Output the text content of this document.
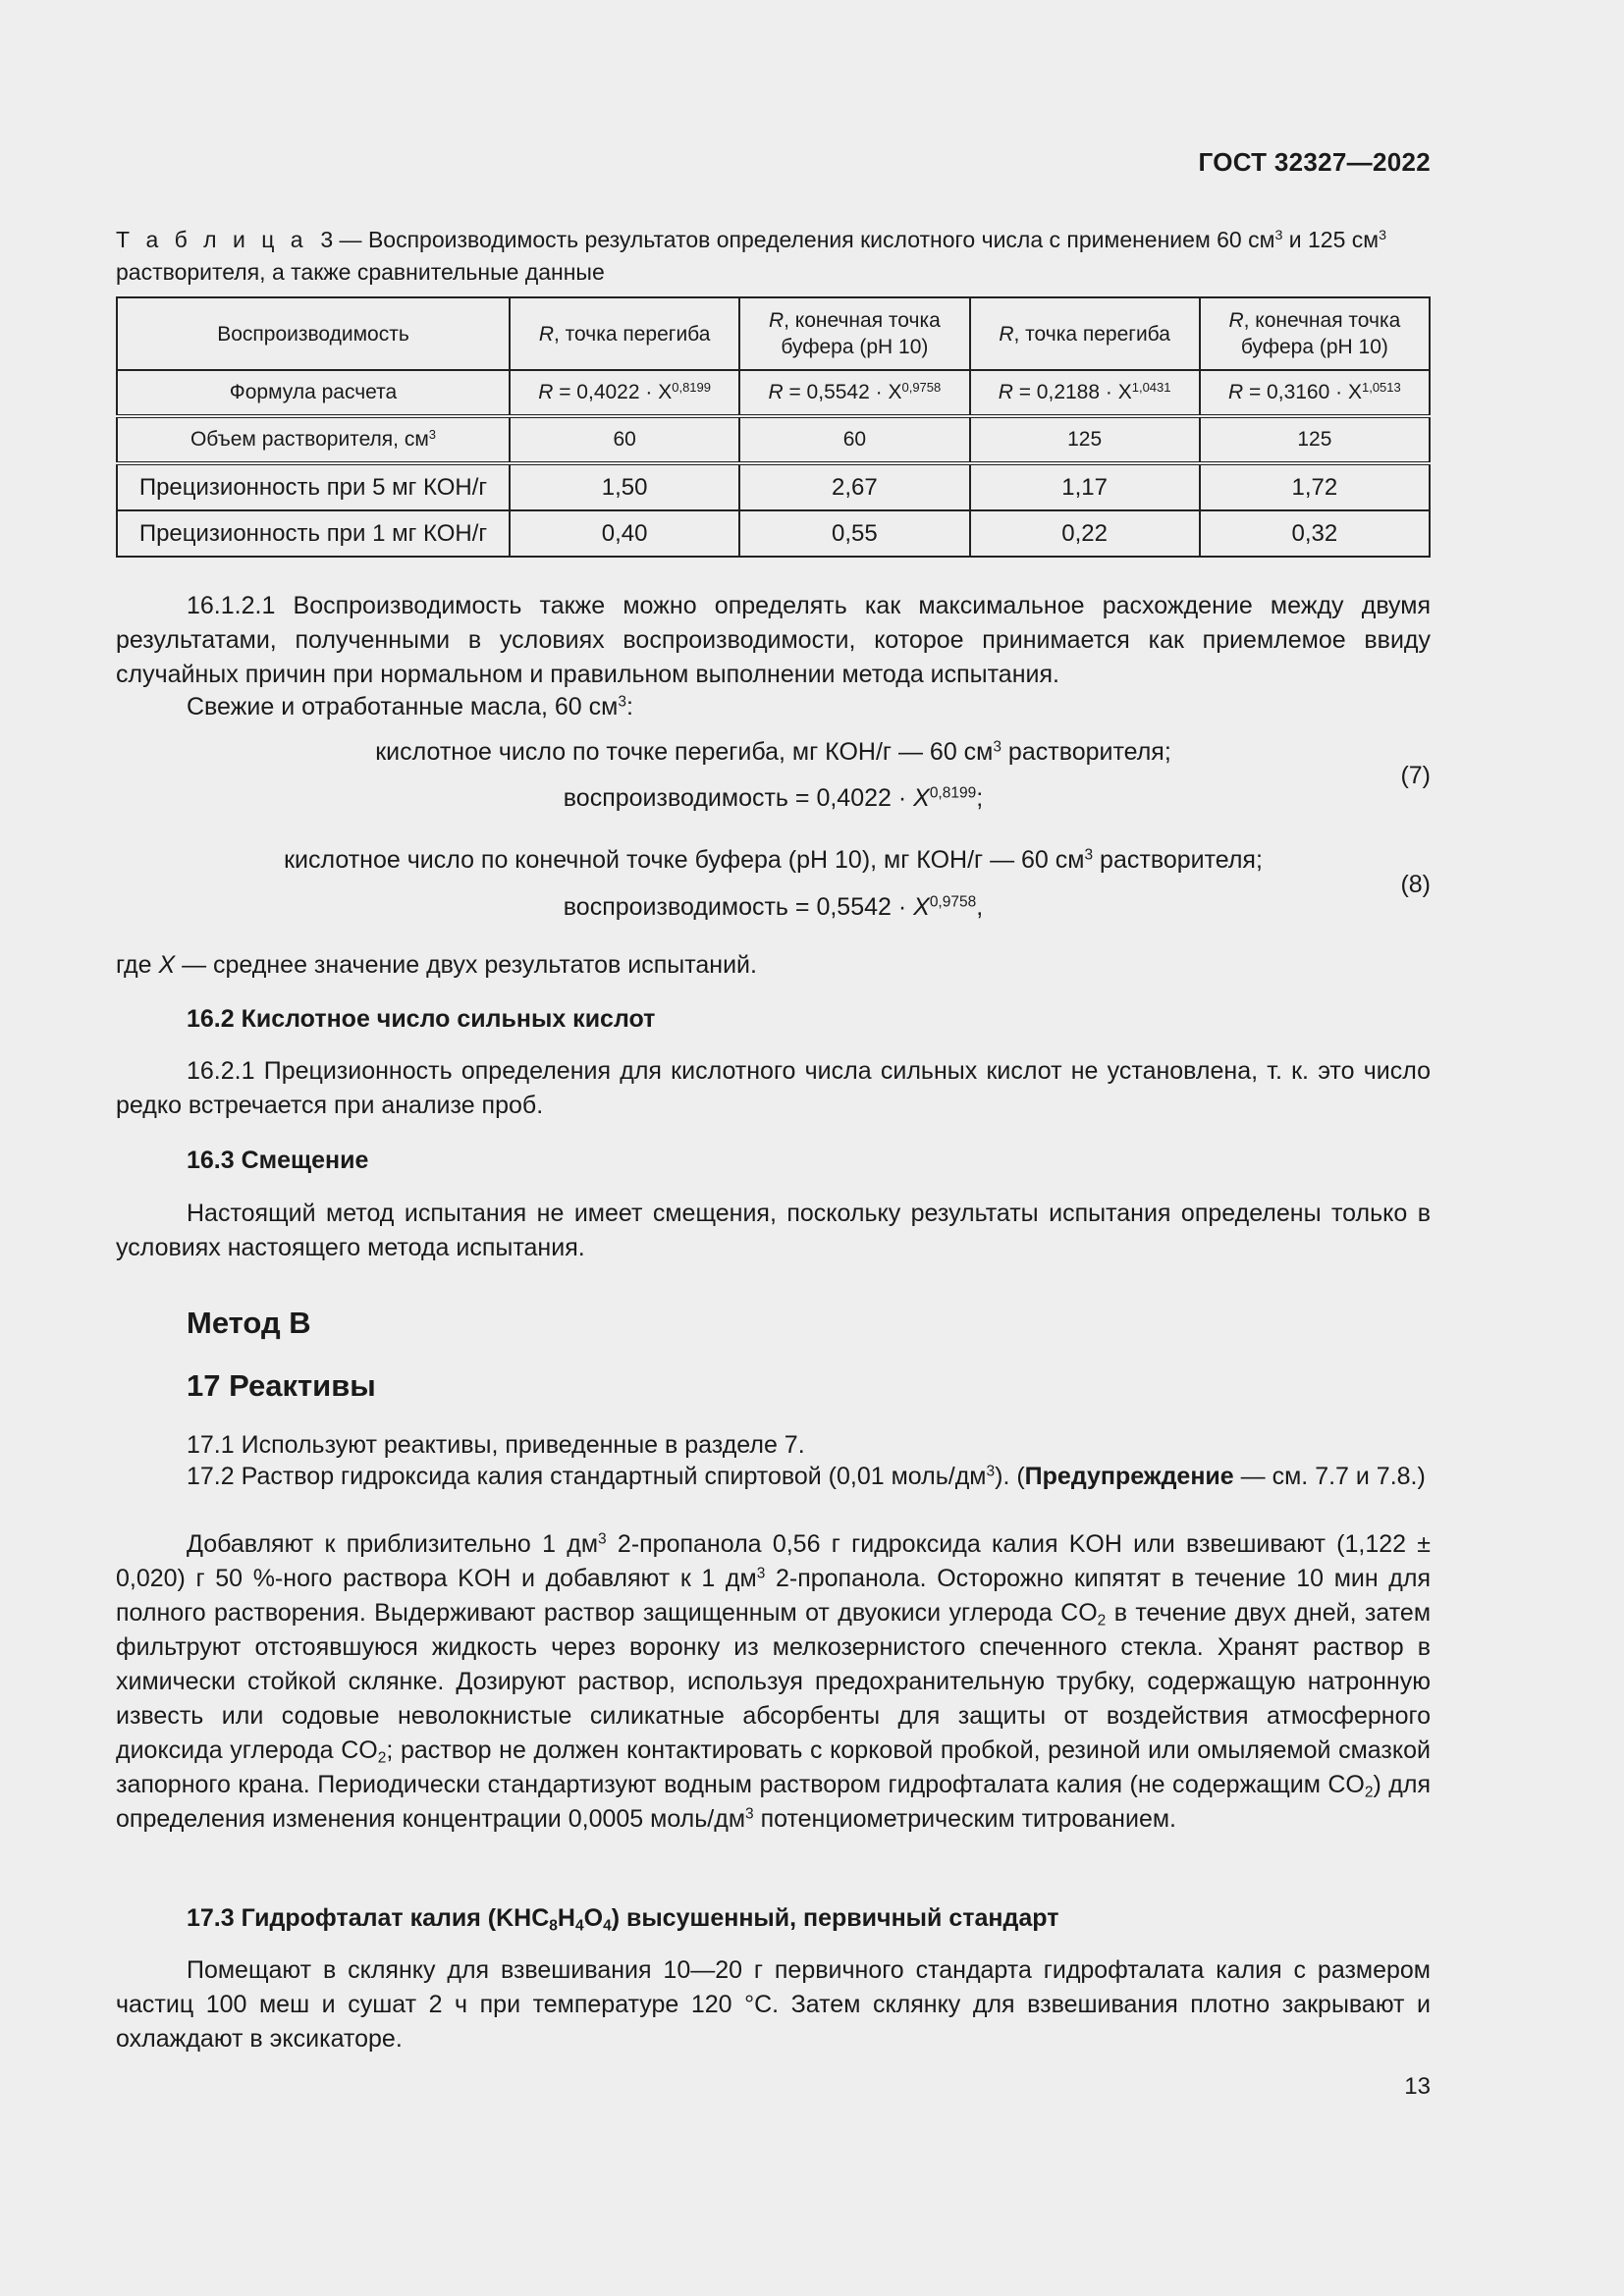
ГОСТ 32327—2022
Т а б л и ц а 3 — Воспроизводимость результатов определения кислотного числа с применением 60 $см^3$ и 125 $см^3$
растворителя, а также сравнительные данные
Воспроизводимость	R, точка перегиба	R, конечная точка буфера (pH 10)	R, точка перегиба	R, конечная точка буфера (pH 10)
Формула расчета	$R = 0,4022 \cdot X^{0,8199}$	$R = 0,5542 \cdot X^{0,9758}$	$R = 0,2188 \cdot X^{1,0431}$	$R = 0,3160 \cdot X^{1,0513}$
Объем растворителя, $см^3$	60	60	125	125
Прецизионность при 5 мг КОН/г	1,50	2,67	1,17	1,72
Прецизионность при 1 мг КОН/г	0,40	0,55	0,22	0,32
16.1.2.1 Воспроизводимость также можно определять как максимальное расхождение между двумя результатами, полученными в условиях воспроизводимости, которое принимается как приемлемое ввиду случайных причин при нормальном и правильном выполнении метода испытания.
Свежие и отработанные масла, 60 $см^3$:
кислотное число по точке перегиба, мг КОН/г — 60 $см^3$ растворителя;
воспроизводимость = $0,4022 \cdot X^{0,8199}$;
(7)
кислотное число по конечной точке буфера (pH 10), мг КОН/г — 60 $см^3$ растворителя;
воспроизводимость = $0,5542 \cdot X^{0,9758}$,
(8)
где X — среднее значение двух результатов испытаний.
16.2 Кислотное число сильных кислот
16.2.1 Прецизионность определения для кислотного числа сильных кислот не установлена, т. к. это число редко встречается при анализе проб.
16.3 Смещение
Настоящий метод испытания не имеет смещения, поскольку результаты испытания определены только в условиях настоящего метода испытания.
Метод В
17 Реактивы
17.1 Используют реактивы, приведенные в разделе 7.
17.2 Раствор гидроксида калия стандартный спиртовой (0,01 моль/$дм^3$). (Предупреждение — см. 7.7 и 7.8.)
Добавляют к приблизительно 1 $дм^3$ 2-пропанола 0,56 г гидроксида калия KOH или взвешивают (1,122 ± 0,020) г 50 %-ного раствора KOH и добавляют к 1 $дм^3$ 2-пропанола. Осторожно кипятят в течение 10 мин для полного растворения. Выдерживают раствор защищенным от двуокиси углерода $CO_2$ в течение двух дней, затем фильтруют отстоявшуюся жидкость через воронку из мелкозернистого спеченного стекла. Хранят раствор в химически стойкой склянке. Дозируют раствор, используя предохранительную трубку, содержащую натронную известь или содовые неволокнистые силикатные абсорбенты для защиты от воздействия атмосферного диоксида углерода $CO_2$; раствор не должен контактировать с корковой пробкой, резиной или омыляемой смазкой запорного крана. Периодически стандартизуют водным раствором гидрофталата калия (не содержащим $CO_2$) для определения изменения концентрации 0,0005 моль/$дм^3$ потенциометрическим титрованием.
17.3 Гидрофталат калия $(KHC_8H_4O_4)$ высушенный, первичный стандарт
Помещают в склянку для взвешивания 10—20 г первичного стандарта гидрофталата калия с размером частиц 100 меш и сушат 2 ч при температуре 120 °С. Затем склянку для взвешивания плотно закрывают и охлаждают в эксикаторе.
13
